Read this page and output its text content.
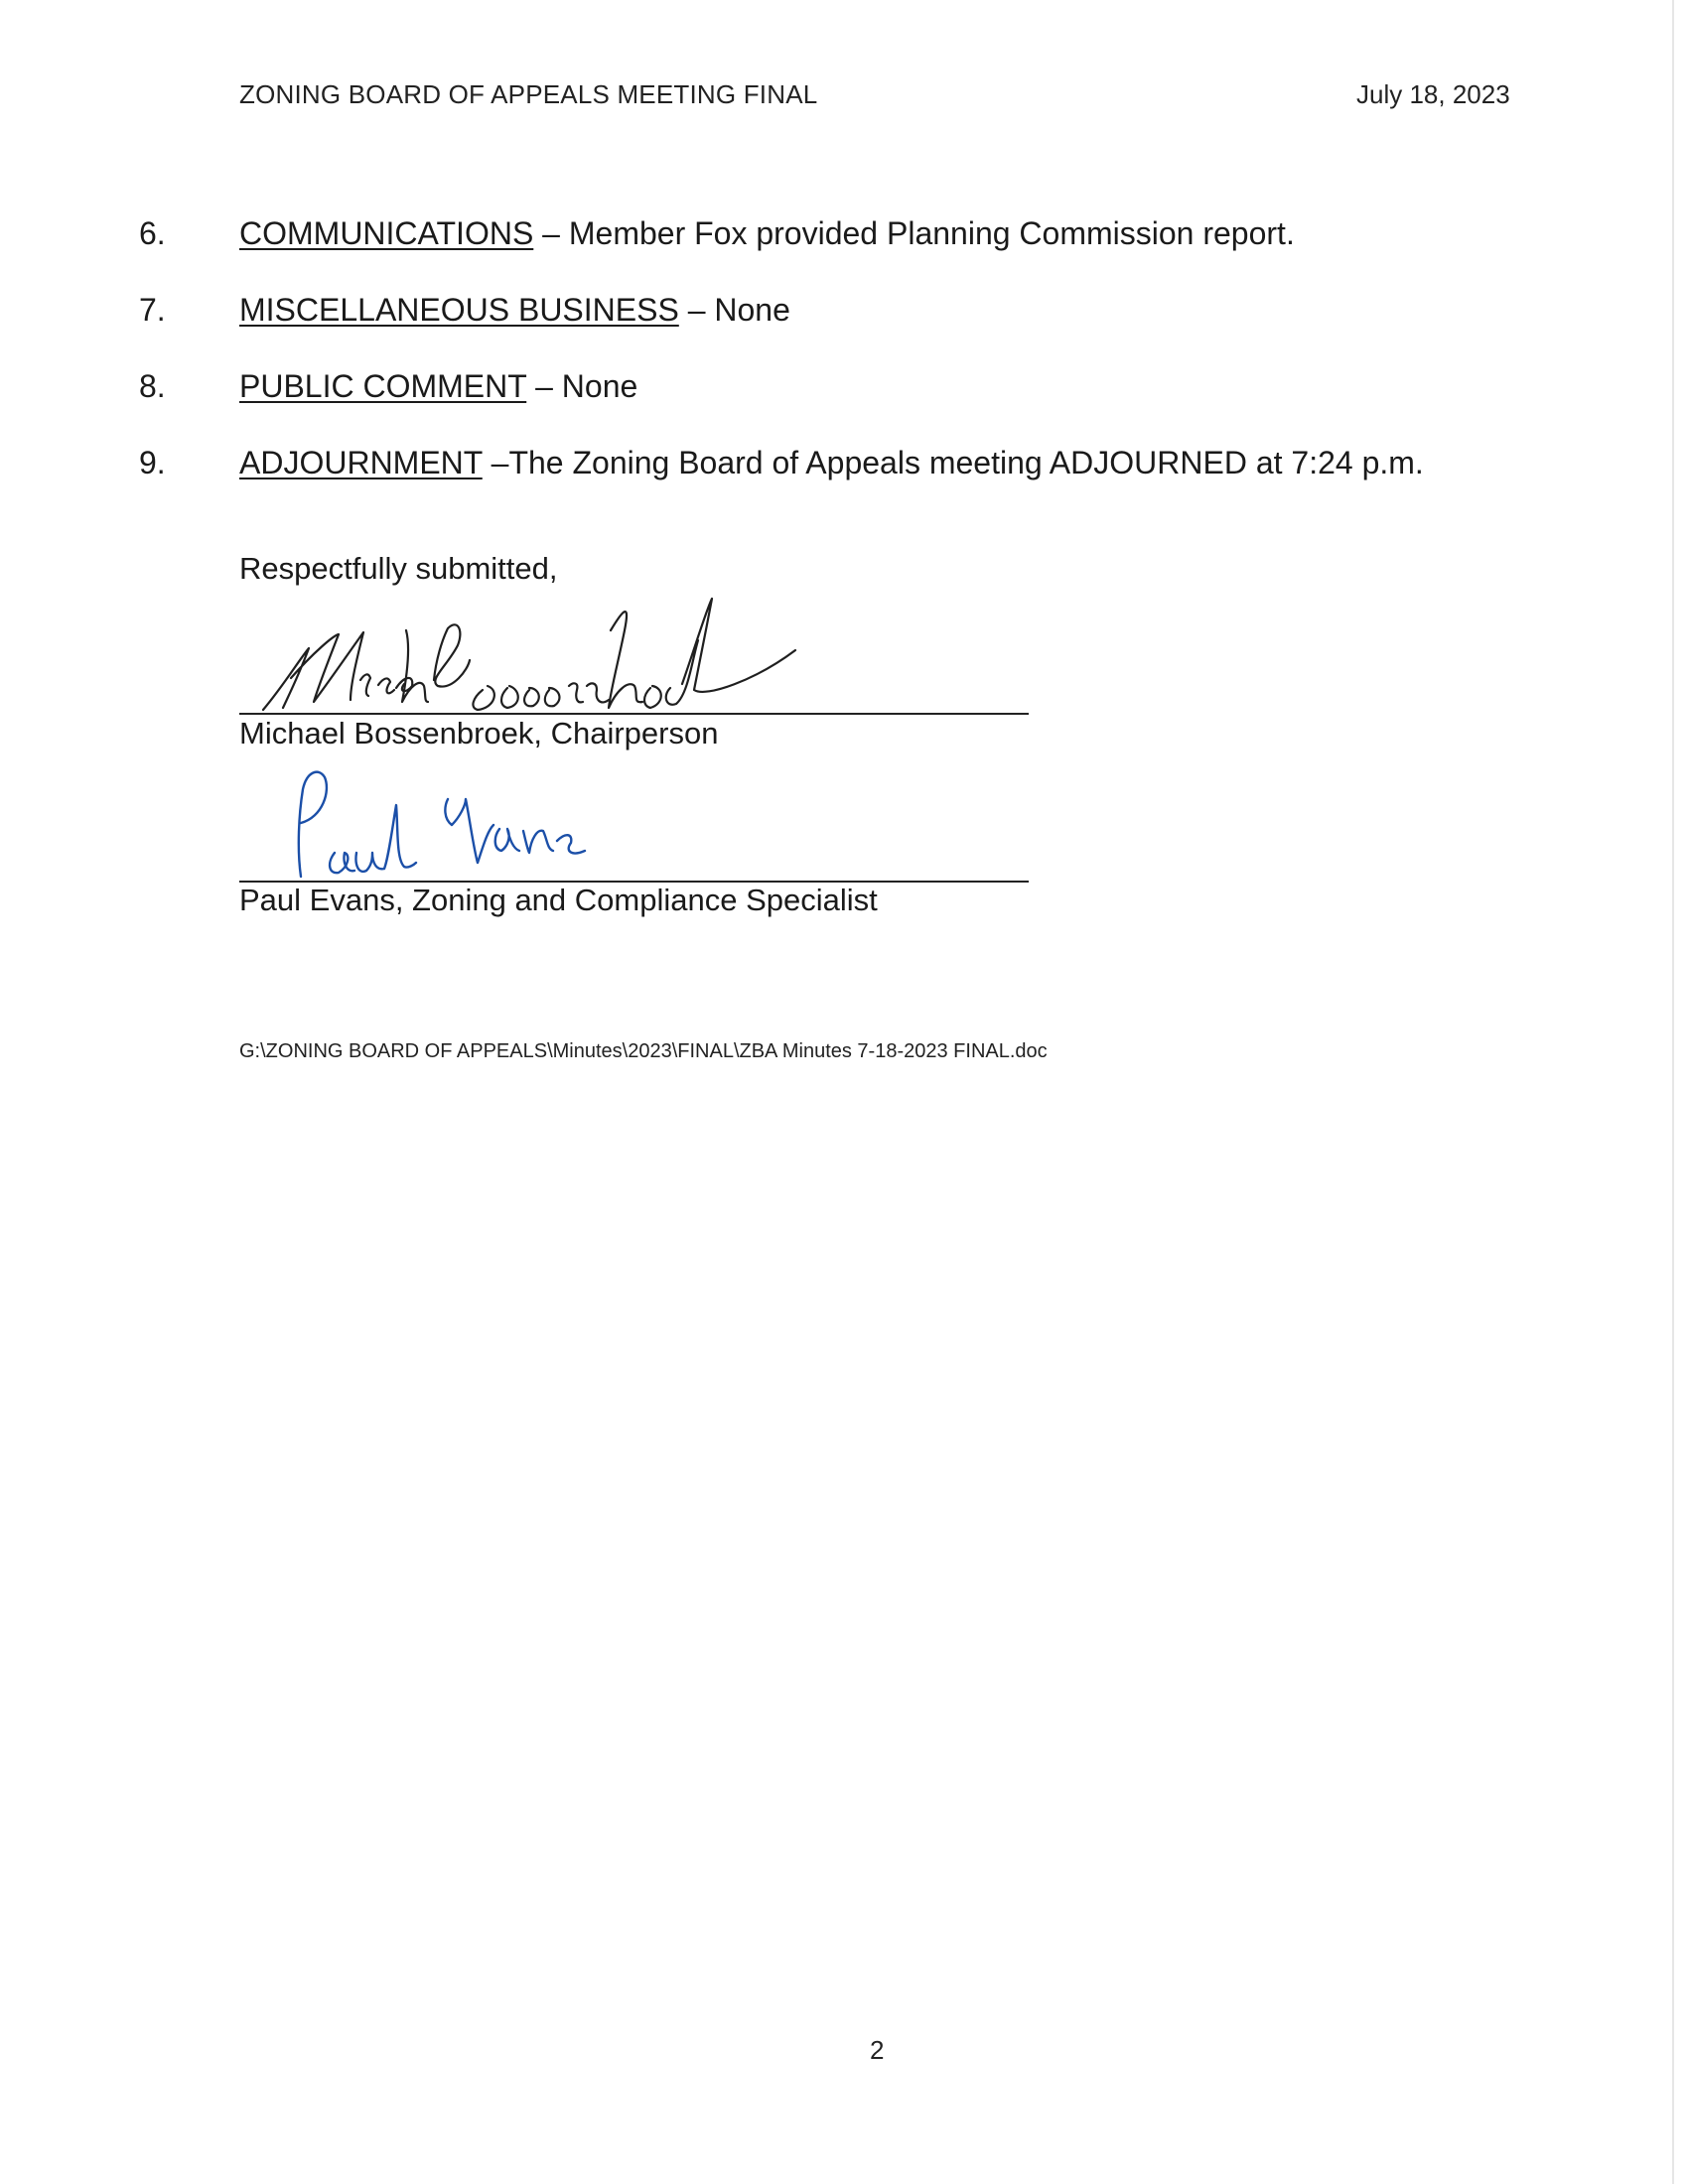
ZONING BOARD OF APPEALS MEETING FINAL	July 18, 2023
6. COMMUNICATIONS – Member Fox provided Planning Commission report.
7. MISCELLANEOUS BUSINESS – None
8. PUBLIC COMMENT – None
9. ADJOURNMENT –The Zoning Board of Appeals meeting ADJOURNED at 7:24 p.m.
Respectfully submitted,
Michael Bossenbroek, Chairperson
Paul Evans, Zoning and Compliance Specialist
G:\ZONING BOARD OF APPEALS\Minutes\2023\FINAL\ZBA Minutes 7-18-2023 FINAL.doc
2
